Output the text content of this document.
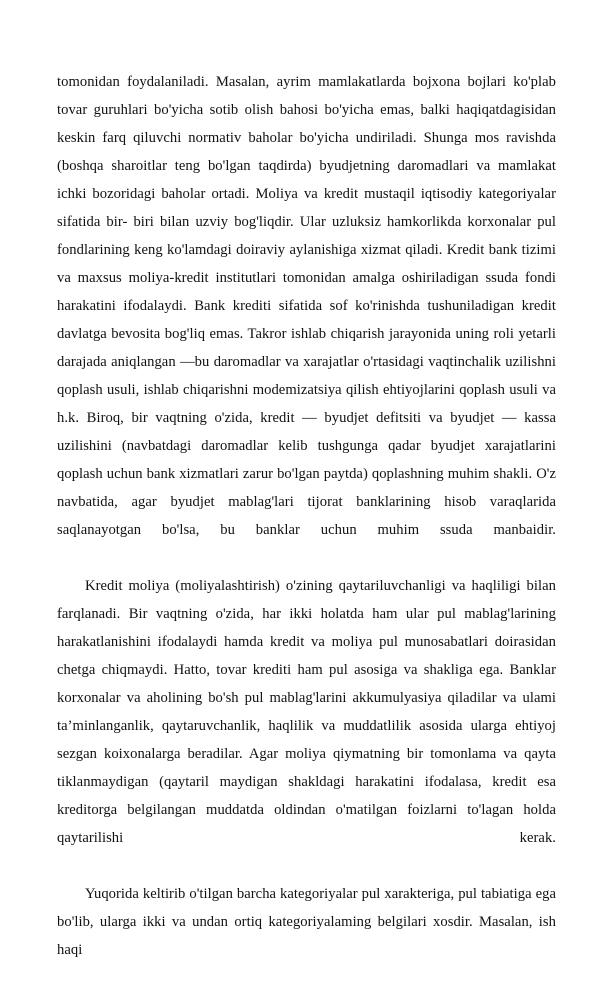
tomonidan foydalaniladi. Masalan, ayrim mamlakatlarda bojxona bojlari ko'plab tovar guruhlari bo'yicha sotib olish bahosi bo'yicha emas, balki haqiqatdagisidan keskin farq qiluvchi normativ baholar bo'yicha undiriladi. Shunga mos ravishda (boshqa sharoitlar teng bo'lgan taqdirda) byudjetning daromadlari va mamlakat ichki bozoridagi baholar ortadi. Moliya va kredit mustaqil iqtisodiy kategoriyalar sifatida bir- biri bilan uzviy bog'liqdir. Ular uzluksiz hamkorlikda korxonalar pul fondlarining keng ko'lamdagi doiraviy aylanishiga xizmat qiladi. Kredit bank tizimi va maxsus moliya-kredit institutlari tomonidan amalga oshiriladigan ssuda fondi harakatini ifodalaydi. Bank krediti sifatida sof ko'rinishda tushuniladigan kredit davlatga bevosita bog'liq emas. Takror ishlab chiqarish jarayonida uning roli yetarli darajada aniqlangan —bu daromadlar va xarajatlar o'rtasidagi vaqtinchalik uzilishni qoplash usuli, ishlab chiqarishni modemizatsiya qilish ehtiyojlarini qoplash usuli va h.k. Biroq, bir vaqtning o'zida, kredit — byudjet defitsiti va byudjet — kassa uzilishini (navbatdagi daromadlar kelib tushgunga qadar byudjet xarajatlarini qoplash uchun bank xizmatlari zarur bo'lgan paytda) qoplashning muhim shakli. O'z navbatida, agar byudjet mablag'lari tijorat banklarining hisob varaqlarida saqlanayotgan bo'lsa, bu banklar uchun muhim ssuda manbaidir.

Kredit moliya (moliyalashtirish) o'zining qaytariluvchanligi va haqliligi bilan farqlanadi. Bir vaqtning o'zida, har ikki holatda ham ular pul mablag'larining harakatlanishini ifodalaydi hamda kredit va moliya pul munosabatlari doirasidan chetga chiqmaydi. Hatto, tovar krediti ham pul asosiga va shakliga ega. Banklar korxonalar va aholining bo'sh pul mablag'larini akkumulyasiya qiladilar va ulami ta’minlanganlik, qaytaruvchanlik, haqlilik va muddatlilik asosida ularga ehtiyoj sezgan koixonalarga beradilar. Agar moliya qiymatning bir tomonlama va qayta tiklanmaydigan (qaytaril maydigan shakldagi harakatini ifodalasa, kredit esa kreditorga belgilangan muddatda oldindan o'matilgan foizlarni to'lagan holda qaytarilishi kerak.

Yuqorida keltirib o'tilgan barcha kategoriyalar pul xarakteriga, pul tabiatiga ega bo'lib, ularga ikki va undan ortiq kategoriyalaming belgilari xosdir. Masalan, ish haqi
